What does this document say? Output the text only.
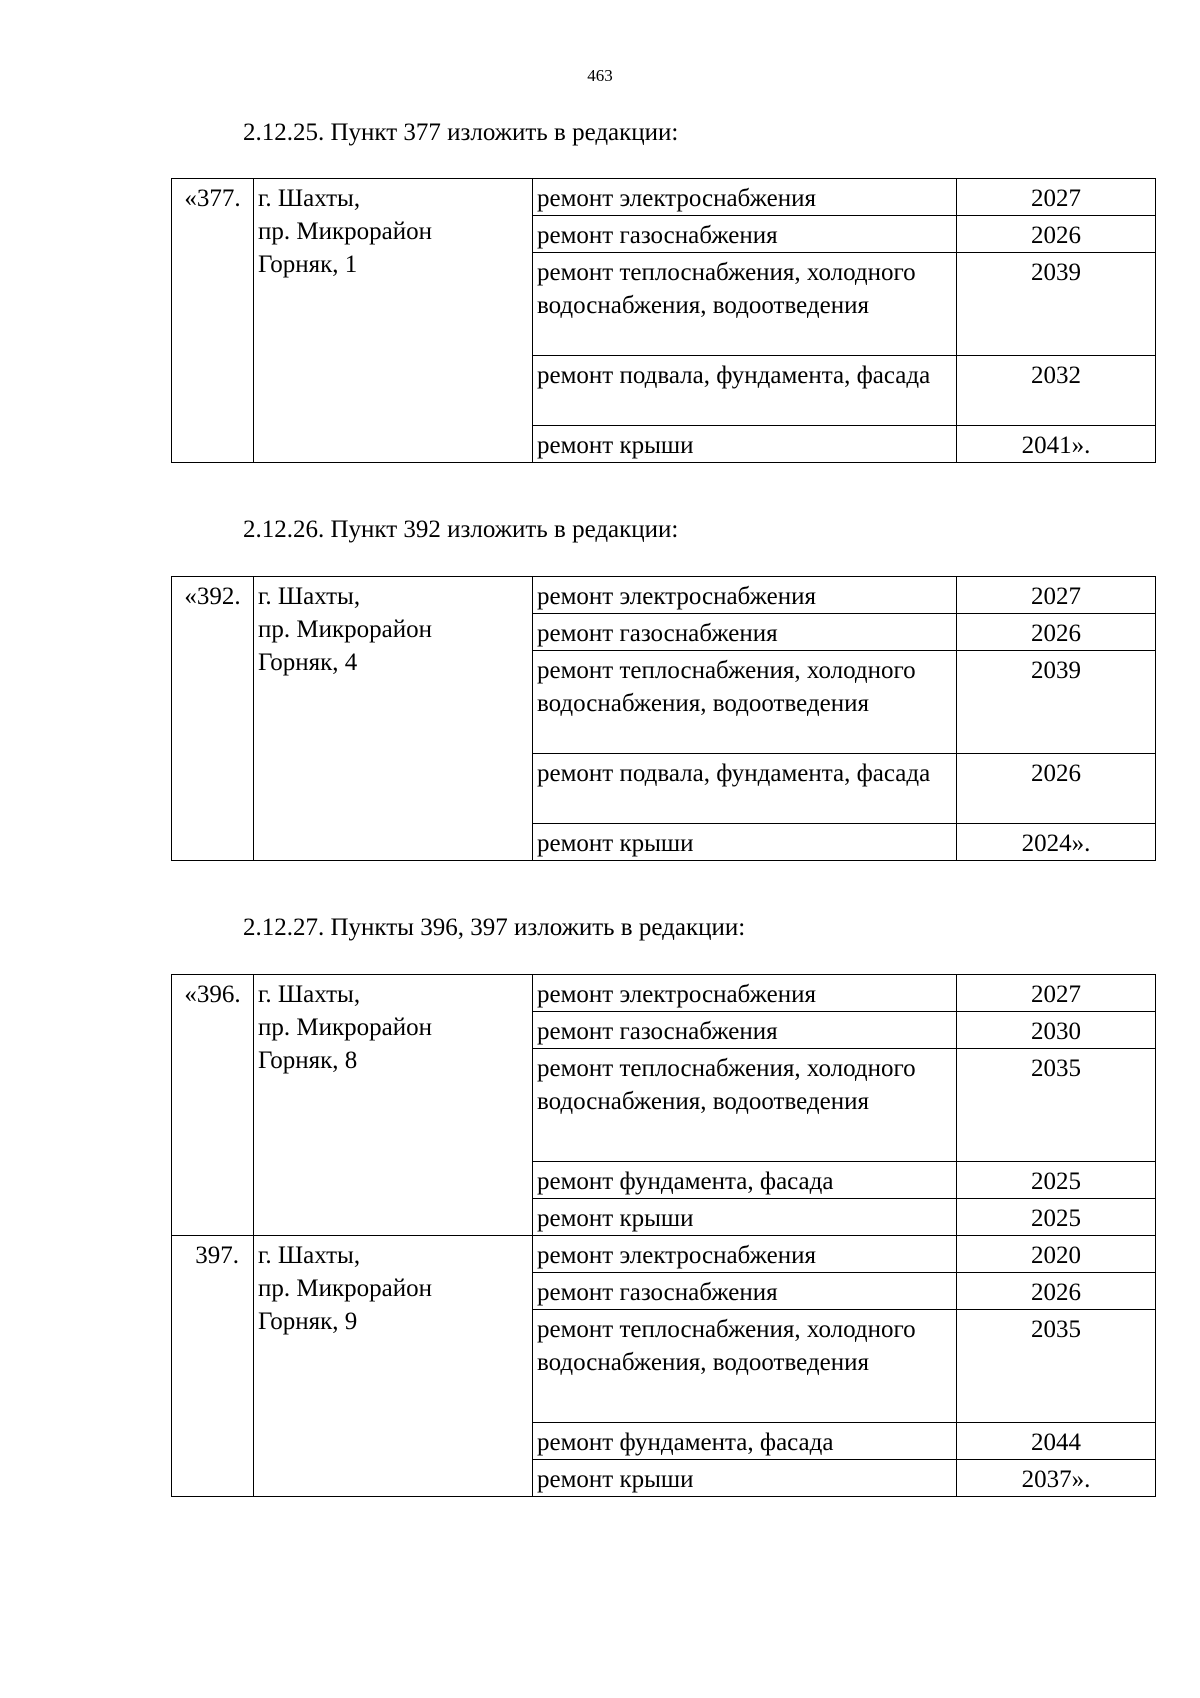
463
2.12.25. Пункт 377 изложить в редакции:
«377.	г. Шахты,
пр. Микрорайон
Горняк, 1	ремонт электроснабжения	2027
		ремонт газоснабжения	2026
		ремонт теплоснабжения, холодного водоснабжения, водоотведения	2039
		ремонт подвала, фундамента, фасада	2032
		ремонт крыши	2041».
2.12.26. Пункт 392 изложить в редакции:
«392.	г. Шахты,
пр. Микрорайон
Горняк, 4	ремонт электроснабжения	2027
		ремонт газоснабжения	2026
		ремонт теплоснабжения, холодного водоснабжения, водоотведения	2039
		ремонт подвала, фундамента, фасада	2026
		ремонт крыши	2024».
2.12.27. Пункты 396, 397 изложить в редакции:
«396.	г. Шахты,
пр. Микрорайон
Горняк, 8	ремонт электроснабжения	2027
		ремонт газоснабжения	2030
		ремонт теплоснабжения, холодного водоснабжения, водоотведения	2035
		ремонт фундамента, фасада	2025
		ремонт крыши	2025
397.	г. Шахты,
пр. Микрорайон
Горняк, 9	ремонт электроснабжения	2020
		ремонт газоснабжения	2026
		ремонт теплоснабжения, холодного водоснабжения, водоотведения	2035
		ремонт фундамента, фасада	2044
		ремонт крыши	2037».
